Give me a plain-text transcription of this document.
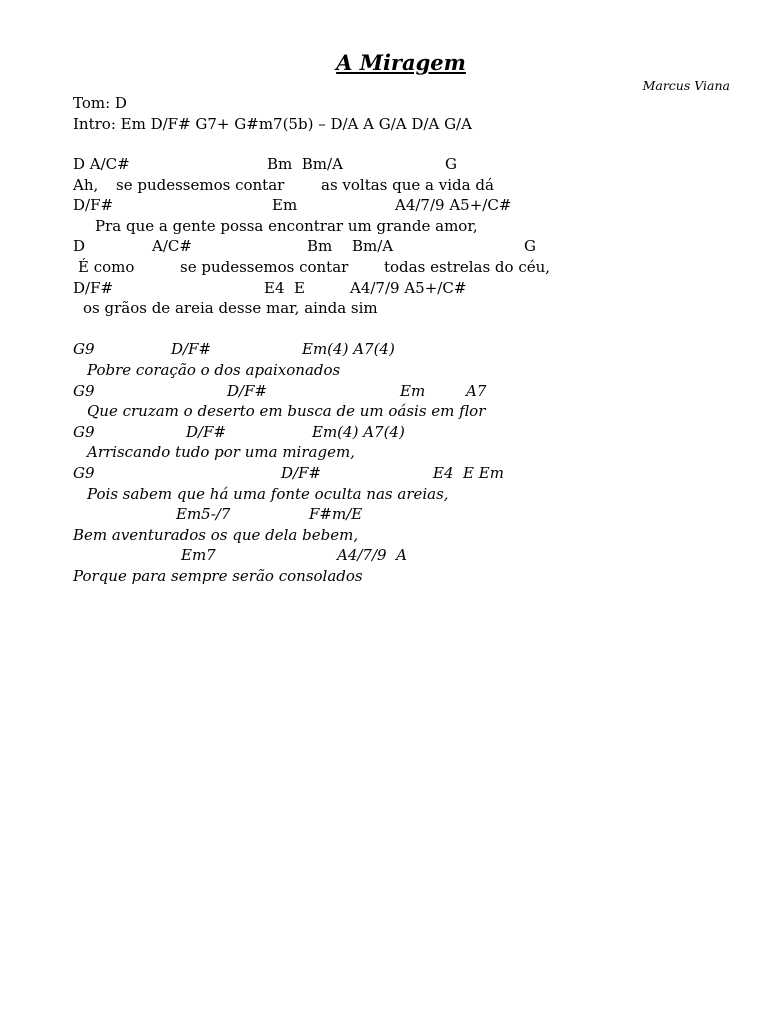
A Miragem
Marcus Viana
Tom: D
Intro: Em D/F# G7+ G#m7(5b) – D/A A G/A D/A G/A
D A/C#	Bm  Bm/A	G
Ah, se pudessemos contar as voltas que a vida dá
D/F#	Em	A4/7/9 A5+/C#
Pra que a gente possa encontrar um grande amor,
D	A/C#	Bm Bm/A	G
É como	se pudessemos contar todas estrelas do céu,
D/F#	E4  E	A4/7/9 A5+/C#
os grãos de areia desse mar, ainda sim
G9	D/F#	Em(4) A7(4)
Pobre coração o dos apaixonados
G9	D/F#	Em	A7
Que cruzam o deserto em busca de um oásis em flor
G9	D/F#	Em(4) A7(4)
Arriscando tudo por uma miragem,
G9	D/F#	E4  E Em
Pois sabem que há uma fonte oculta nas areias,
Em5-/7	F#m/E
Bem aventurados os que dela bebem,
Em7	A4/7/9  A
Porque para sempre serão consolados
